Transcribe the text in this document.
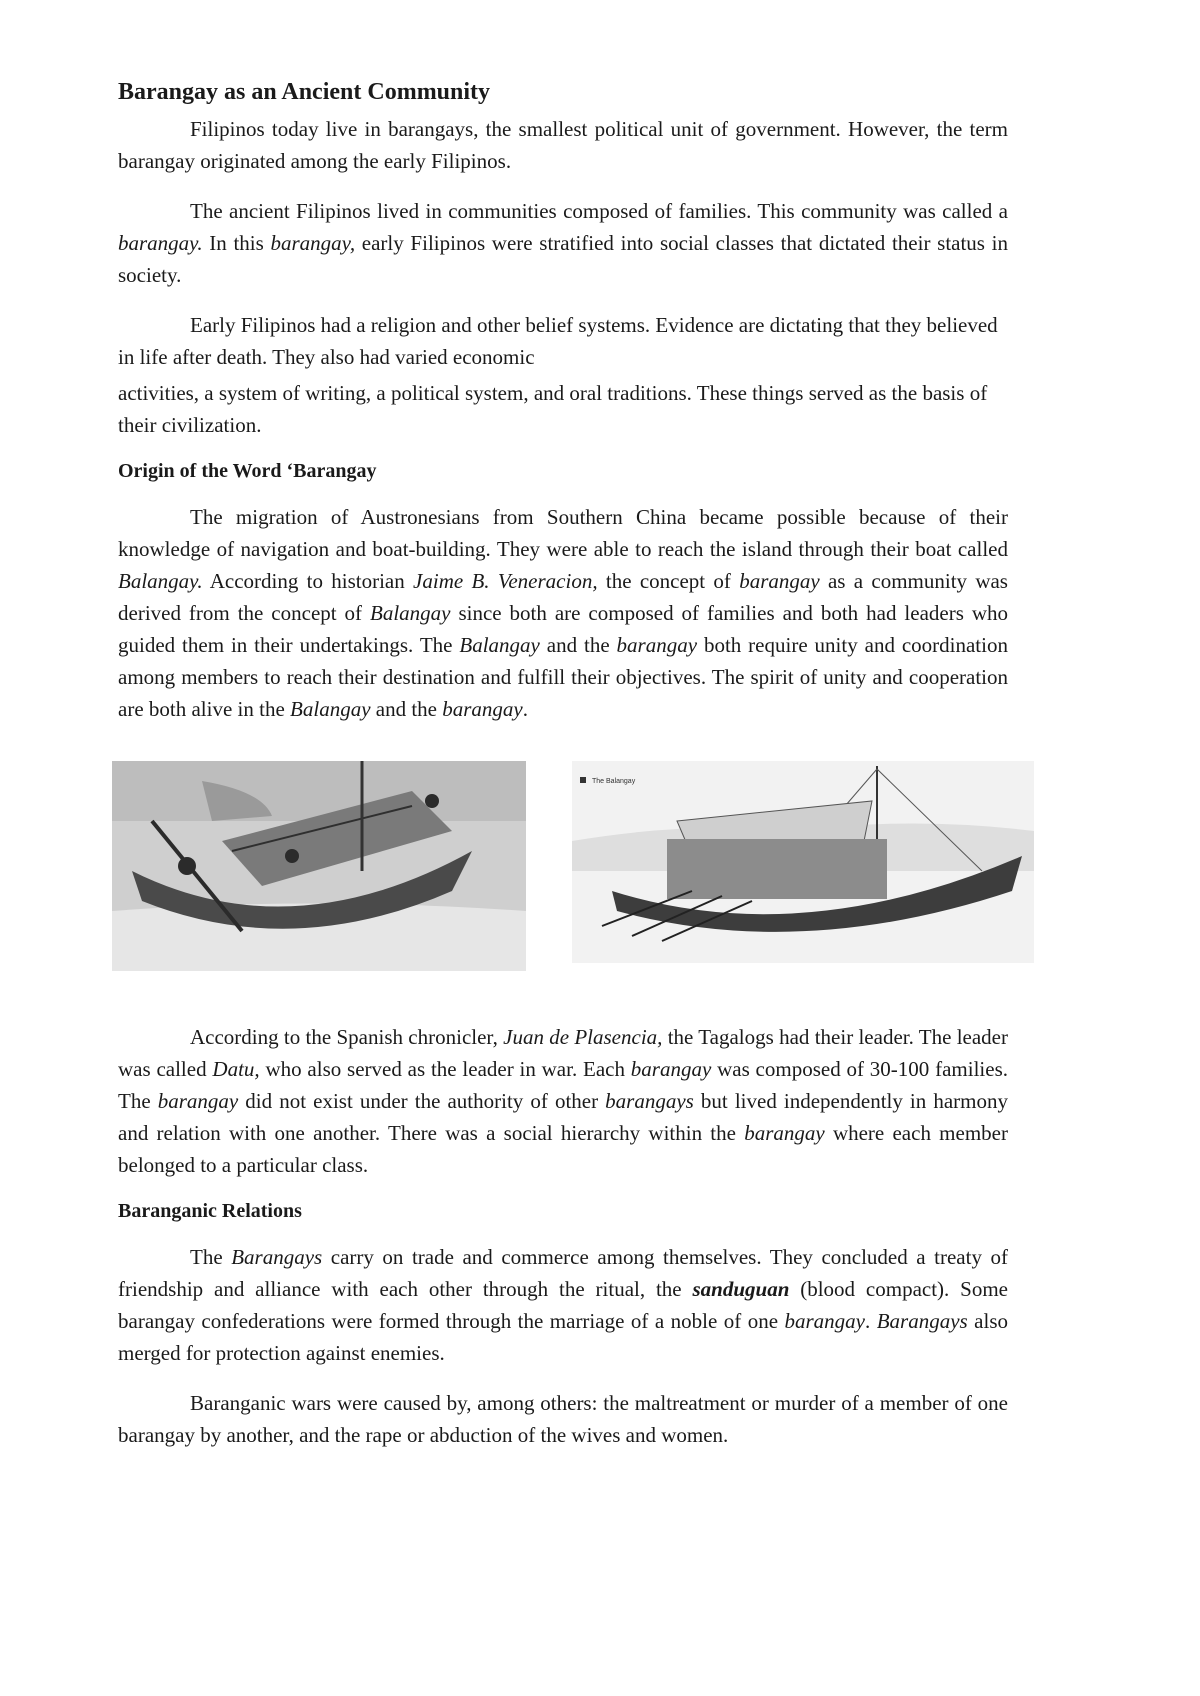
Barangay as an Ancient Community

Filipinos today live in barangays, the smallest political unit of government. However, the term barangay originated among the early Filipinos.

The ancient Filipinos lived in communities composed of families. This community was called a barangay. In this barangay, early Filipinos were stratified into social classes that dictated their status in society.

Early Filipinos had a religion and other belief systems. Evidence are dictating that they believed in life after death. They also had varied economic

activities, a system of writing, a political system, and oral traditions. These things served as the basis of their civilization.

Origin of the Word ‘Barangay

The migration of Austronesians from Southern China became possible because of their knowledge of navigation and boat-building. They were able to reach the island through their boat called Balangay. According to historian Jaime B. Veneracion, the concept of barangay as a community was derived from the concept of Balangay since both are composed of families and both had leaders who guided them in their undertakings. The Balangay and the barangay both require unity and coordination among members to reach their destination and fulfill their objectives. The spirit of unity and cooperation are both alive in the Balangay and the barangay.

The Balangay

According to the Spanish chronicler, Juan de Plasencia, the Tagalogs had their leader. The leader was called Datu, who also served as the leader in war. Each barangay was composed of 30-100 families. The barangay did not exist under the authority of other barangays but lived independently in harmony and relation with one another. There was a social hierarchy within the barangay where each member belonged to a particular class.

Baranganic Relations

The Barangays carry on trade and commerce among themselves. They concluded a treaty of friendship and alliance with each other through the ritual, the sanduguan (blood compact). Some barangay confederations were formed through the marriage of a noble of one barangay. Barangays also merged for protection against enemies.

Baranganic wars were caused by, among others: the maltreatment or murder of a member of one barangay by another, and the rape or abduction of the wives and women.
